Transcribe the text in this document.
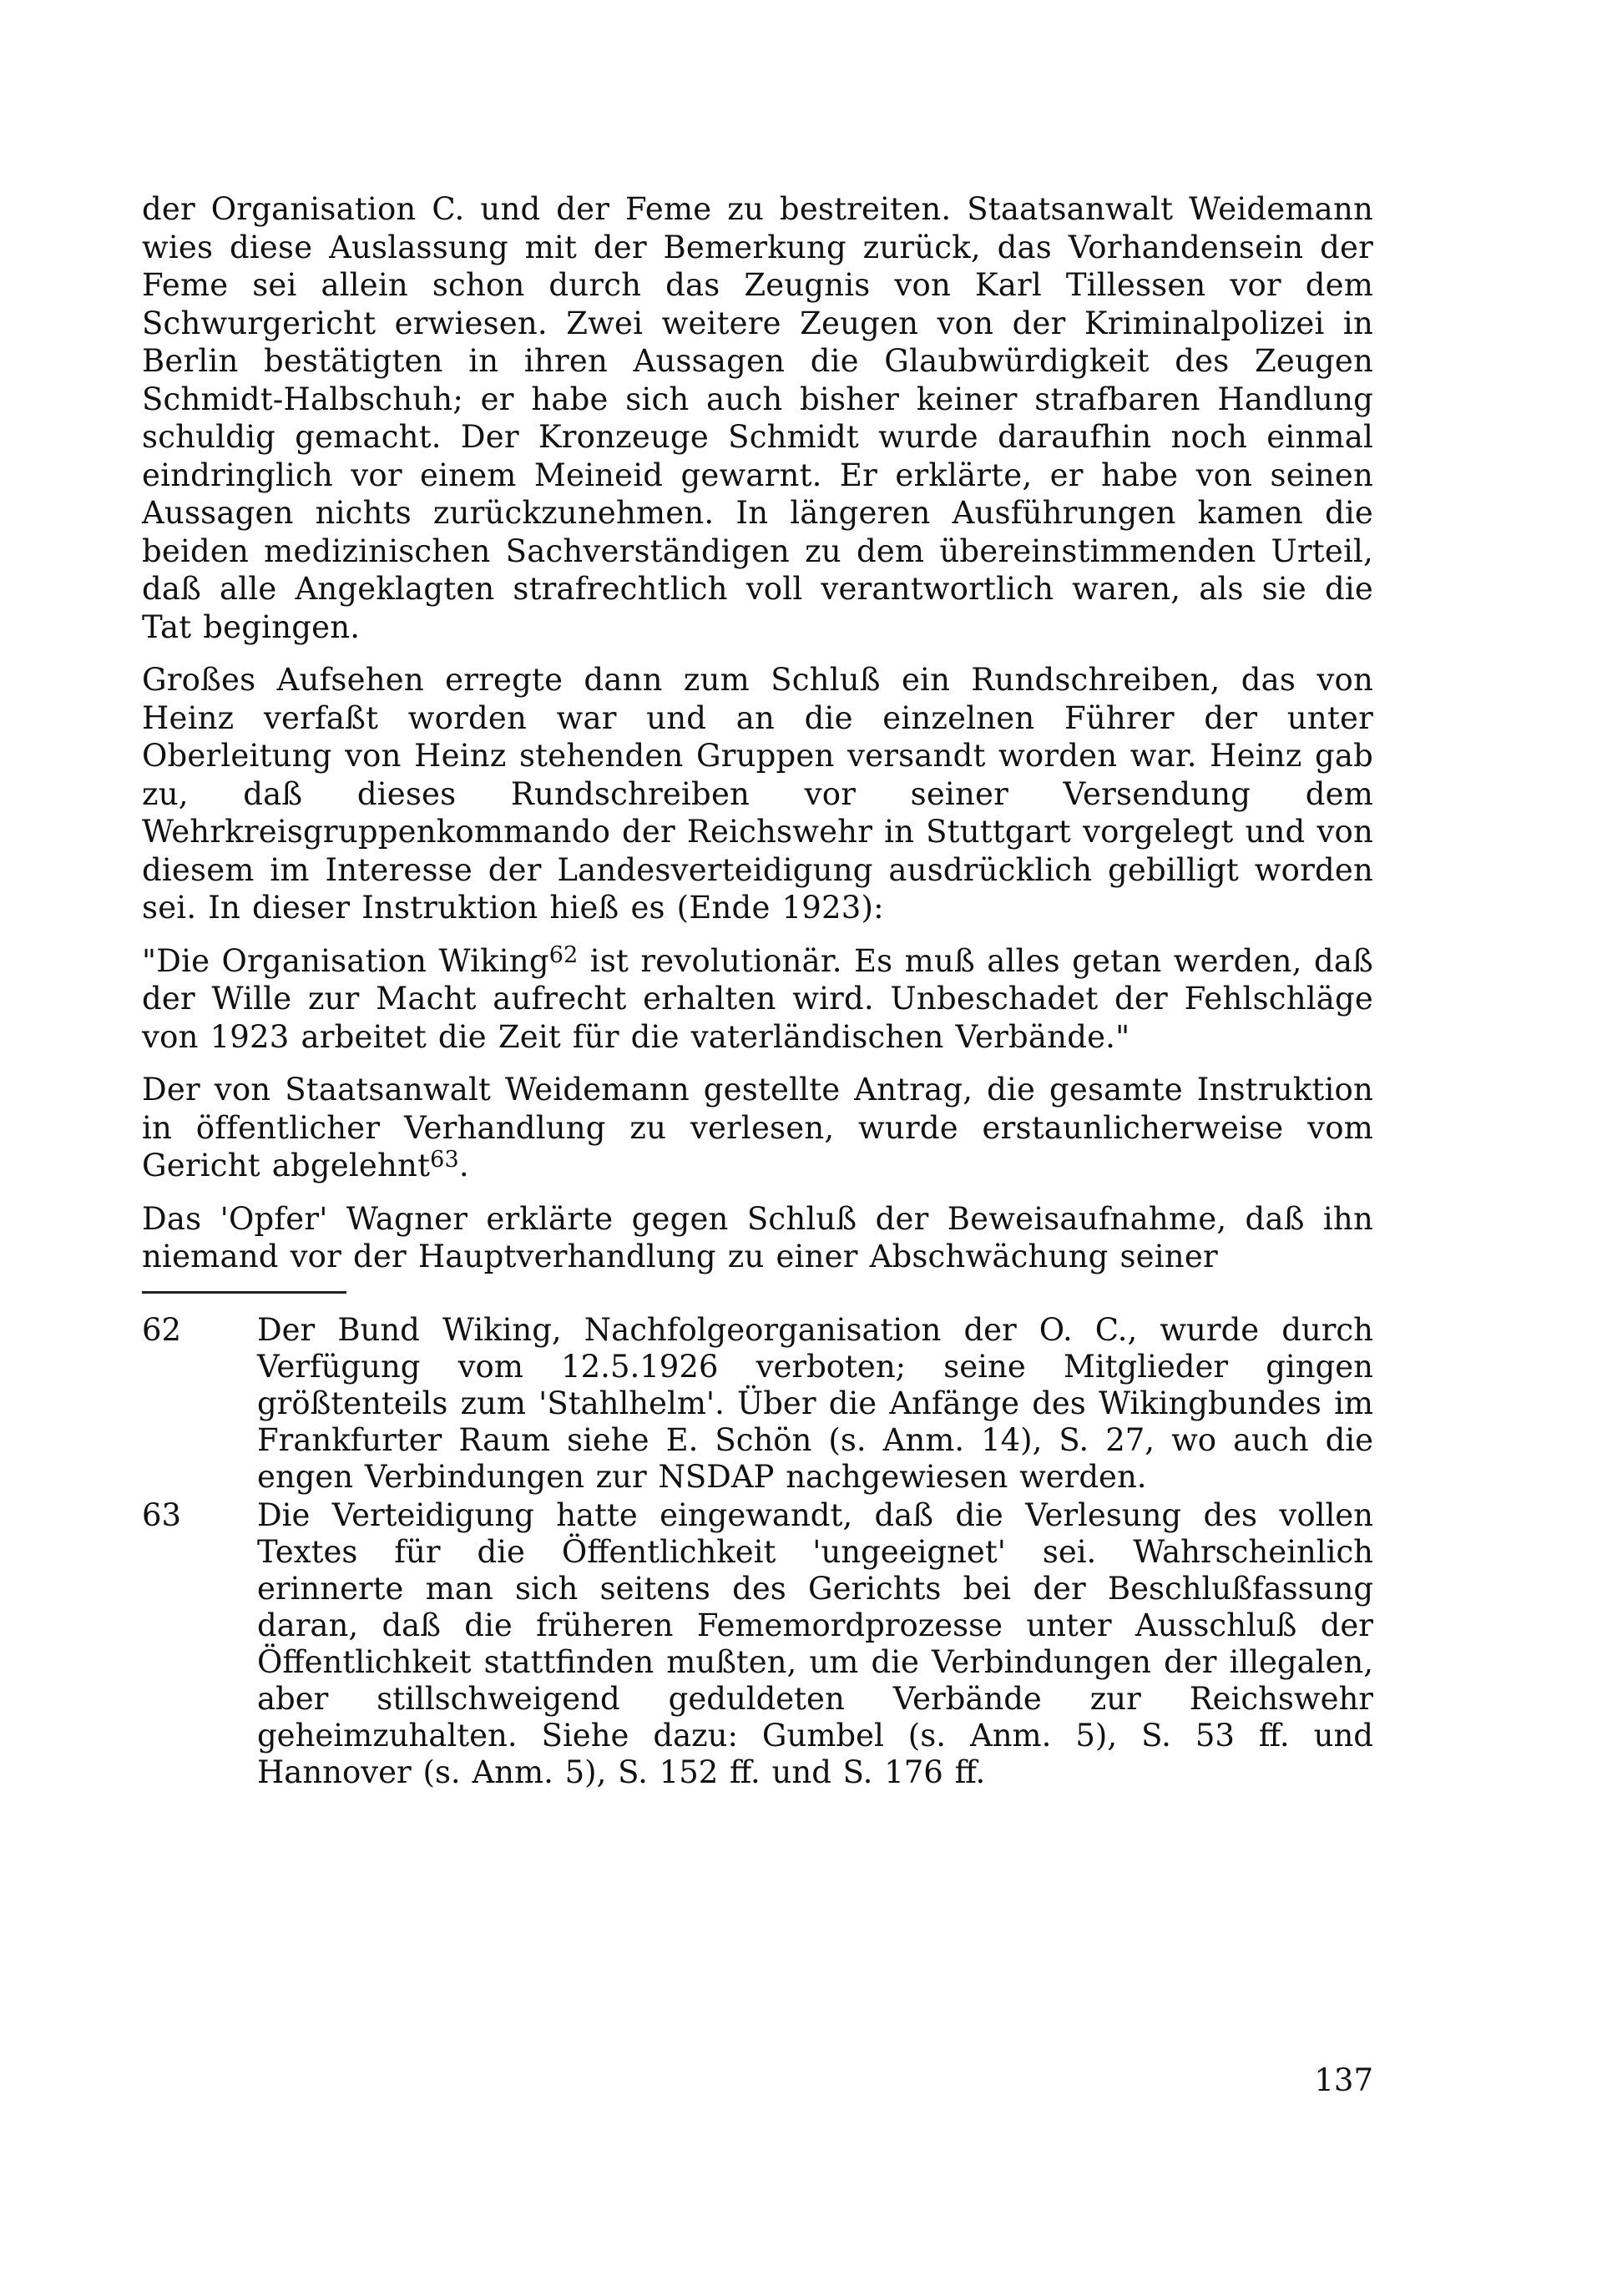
der Organisation C. und der Feme zu bestreiten. Staatsanwalt Weidemann wies diese Auslassung mit der Bemerkung zurück, das Vorhandensein der Feme sei allein schon durch das Zeugnis von Karl Tillessen vor dem Schwurgericht erwiesen. Zwei weitere Zeugen von der Kriminalpolizei in Berlin bestätigten in ihren Aussagen die Glaubwürdigkeit des Zeugen Schmidt-Halbschuh; er habe sich auch bisher keiner strafbaren Handlung schuldig gemacht. Der Kronzeuge Schmidt wurde daraufhin noch einmal eindringlich vor einem Meineid gewarnt. Er erklärte, er habe von seinen Aussagen nichts zurückzunehmen. In längeren Ausführungen kamen die beiden medizinischen Sachverständigen zu dem übereinstimmenden Urteil, daß alle Angeklagten strafrechtlich voll verantwortlich waren, als sie die Tat begingen.

Großes Aufsehen erregte dann zum Schluß ein Rundschreiben, das von Heinz verfaßt worden war und an die einzelnen Führer der unter Oberleitung von Heinz stehenden Gruppen versandt worden war. Heinz gab zu, daß dieses Rundschreiben vor seiner Versendung dem Wehrkreisgruppenkommando der Reichswehr in Stuttgart vorgelegt und von diesem im Interesse der Landesverteidigung ausdrücklich gebilligt worden sei. In dieser Instruktion hieß es (Ende 1923):

"Die Organisation Wiking$^{62}$ ist revolutionär. Es muß alles getan werden, daß der Wille zur Macht aufrecht erhalten wird. Unbeschadet der Fehlschläge von 1923 arbeitet die Zeit für die vaterländischen Verbände."

Der von Staatsanwalt Weidemann gestellte Antrag, die gesamte Instruktion in öffentlicher Verhandlung zu verlesen, wurde erstaunlicherweise vom Gericht abgelehnt$^{63}$.

Das 'Opfer' Wagner erklärte gegen Schluß der Beweisaufnahme, daß ihn niemand vor der Hauptverhandlung zu einer Abschwächung seiner

62	Der Bund Wiking, Nachfolgeorganisation der O. C., wurde durch Verfügung vom 12.5.1926 verboten; seine Mitglieder gingen größtenteils zum 'Stahlhelm'. Über die Anfänge des Wikingbundes im Frankfurter Raum siehe E. Schön (s. Anm. 14), S. 27, wo auch die engen Verbindungen zur NSDAP nachgewiesen werden.
63	Die Verteidigung hatte eingewandt, daß die Verlesung des vollen Textes für die Öffentlichkeit 'ungeeignet' sei. Wahrscheinlich erinnerte man sich seitens des Gerichts bei der Beschlußfassung daran, daß die früheren Fememordprozesse unter Ausschluß der Öffentlichkeit stattfinden mußten, um die Verbindungen der illegalen, aber stillschweigend geduldeten Verbände zur Reichswehr geheimzuhalten. Siehe dazu: Gumbel (s. Anm. 5), S. 53 ff. und Hannover (s. Anm. 5), S. 152 ff. und S. 176 ff.
137
